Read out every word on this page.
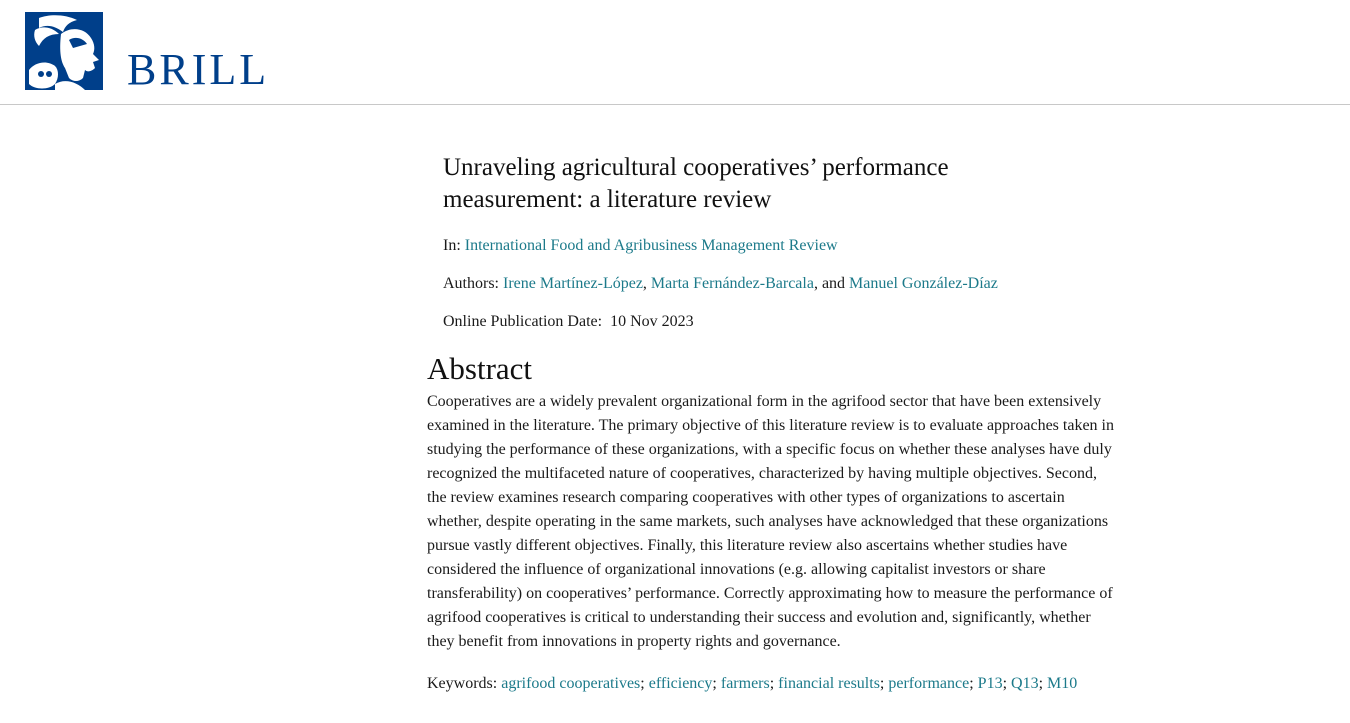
BRILL
Unraveling agricultural cooperatives’ performance measurement: a literature review
In: International Food and Agribusiness Management Review
Authors: Irene Martínez-López, Marta Fernández-Barcala, and Manuel González-Díaz
Online Publication Date: 10 Nov 2023
Abstract

Cooperatives are a widely prevalent organizational form in the agrifood sector that have been extensively examined in the literature. The primary objective of this literature review is to evaluate approaches taken in studying the performance of these organizations, with a specific focus on whether these analyses have duly recognized the multifaceted nature of cooperatives, characterized by having multiple objectives. Second, the review examines research comparing cooperatives with other types of organizations to ascertain whether, despite operating in the same markets, such analyses have acknowledged that these organizations pursue vastly different objectives. Finally, this literature review also ascertains whether studies have considered the influence of organizational innovations (e.g. allowing capitalist investors or share transferability) on cooperatives’ performance. Correctly approximating how to measure the performance of agrifood cooperatives is critical to understanding their success and evolution and, significantly, whether they benefit from innovations in property rights and governance.

Keywords: agrifood cooperatives; efficiency; farmers; financial results; performance; P13; Q13; M10
